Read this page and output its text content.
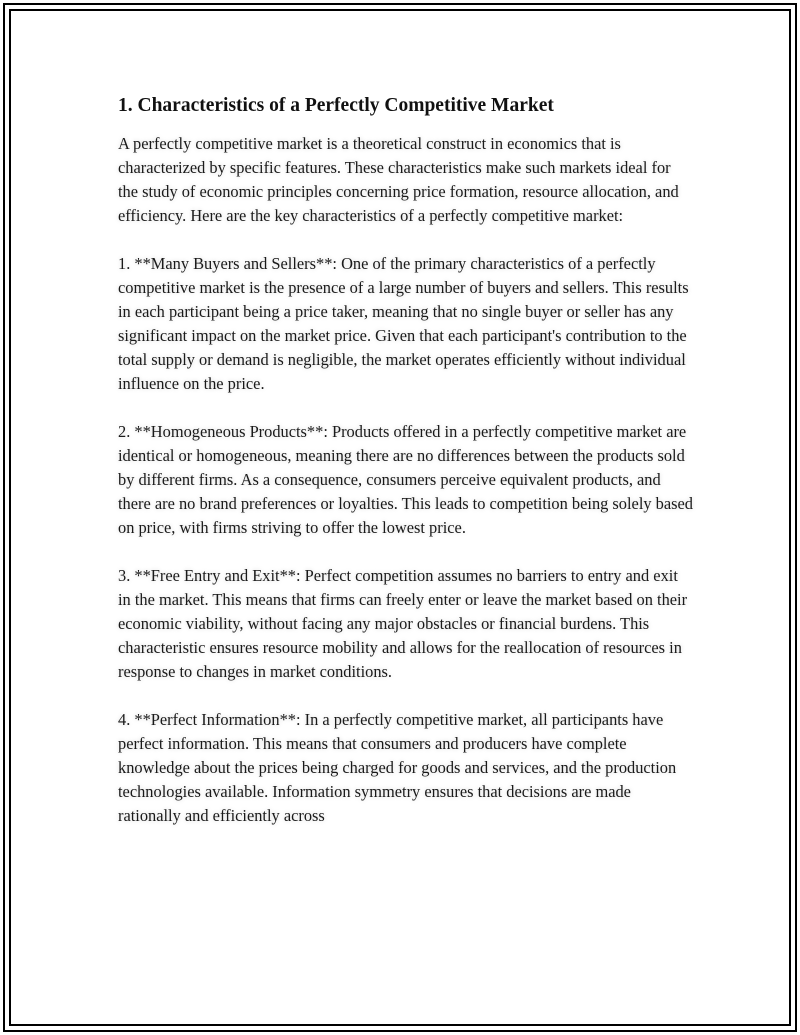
1. Characteristics of a Perfectly Competitive Market

A perfectly competitive market is a theoretical construct in economics that is characterized by specific features. These characteristics make such markets ideal for the study of economic principles concerning price formation, resource allocation, and efficiency. Here are the key characteristics of a perfectly competitive market:

1. **Many Buyers and Sellers**: One of the primary characteristics of a perfectly competitive market is the presence of a large number of buyers and sellers. This results in each participant being a price taker, meaning that no single buyer or seller has any significant impact on the market price. Given that each participant's contribution to the total supply or demand is negligible, the market operates efficiently without individual influence on the price.

2. **Homogeneous Products**: Products offered in a perfectly competitive market are identical or homogeneous, meaning there are no differences between the products sold by different firms. As a consequence, consumers perceive equivalent products, and there are no brand preferences or loyalties. This leads to competition being solely based on price, with firms striving to offer the lowest price.

3. **Free Entry and Exit**: Perfect competition assumes no barriers to entry and exit in the market. This means that firms can freely enter or leave the market based on their economic viability, without facing any major obstacles or financial burdens. This characteristic ensures resource mobility and allows for the reallocation of resources in response to changes in market conditions.

4. **Perfect Information**: In a perfectly competitive market, all participants have perfect information. This means that consumers and producers have complete knowledge about the prices being charged for goods and services, and the production technologies available. Information symmetry ensures that decisions are made rationally and efficiently across
